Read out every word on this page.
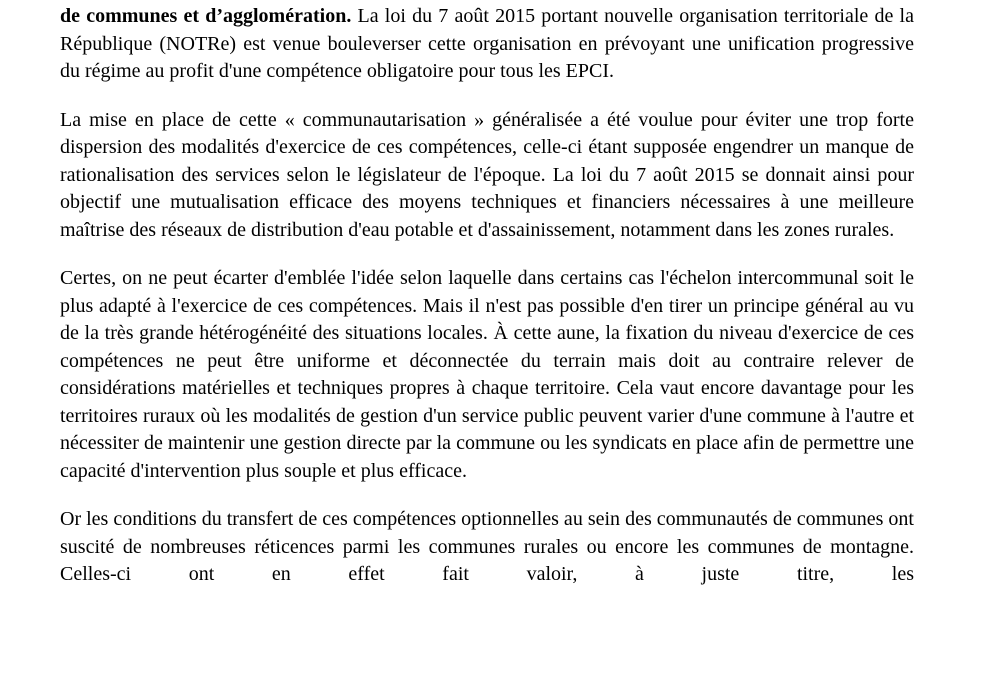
de communes et d’agglomération. La loi du 7 août 2015 portant nouvelle organisation territoriale de la République (NOTRe) est venue bouleverser cette organisation en prévoyant une unification progressive du régime au profit d'une compétence obligatoire pour tous les EPCI.

La mise en place de cette « communautarisation » généralisée a été voulue pour éviter une trop forte dispersion des modalités d'exercice de ces compétences, celle-ci étant supposée engendrer un manque de rationalisation des services selon le législateur de l'époque. La loi du 7 août 2015 se donnait ainsi pour objectif une mutualisation efficace des moyens techniques et financiers nécessaires à une meilleure maîtrise des réseaux de distribution d'eau potable et d'assainissement, notamment dans les zones rurales.

Certes, on ne peut écarter d'emblée l'idée selon laquelle dans certains cas l'échelon intercommunal soit le plus adapté à l'exercice de ces compétences. Mais il n'est pas possible d'en tirer un principe général au vu de la très grande hétérogénéité des situations locales. À cette aune, la fixation du niveau d'exercice de ces compétences ne peut être uniforme et déconnectée du terrain mais doit au contraire relever de considérations matérielles et techniques propres à chaque territoire. Cela vaut encore davantage pour les territoires ruraux où les modalités de gestion d'un service public peuvent varier d'une commune à l'autre et nécessiter de maintenir une gestion directe par la commune ou les syndicats en place afin de permettre une capacité d'intervention plus souple et plus efficace.

Or les conditions du transfert de ces compétences optionnelles au sein des communautés de communes ont suscité de nombreuses réticences parmi les communes rurales ou encore les communes de montagne. Celles-ci ont en effet fait valoir, à juste titre, les
